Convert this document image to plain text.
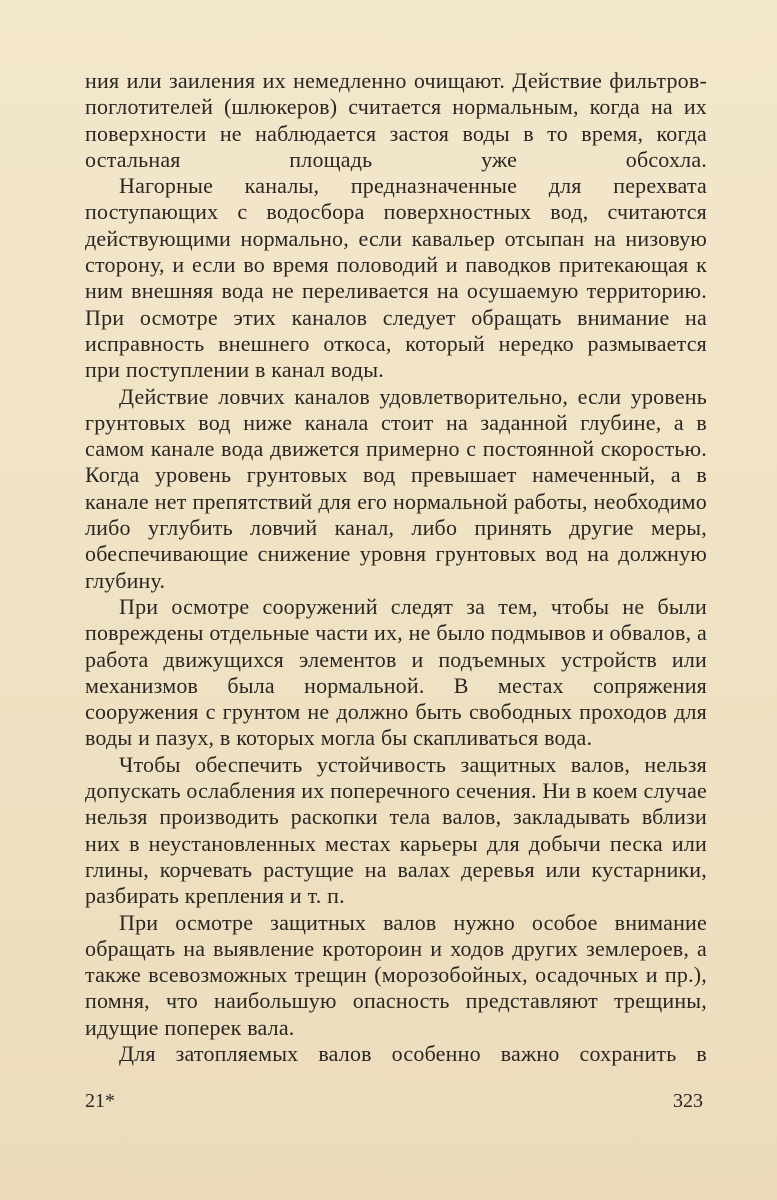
ния или заиления их немедленно очищают. Действие фильтров-поглотителей (шлюкеров) считается нормальным, когда на их поверхности не наблюдается застоя воды в то время, когда остальная площадь уже обсохла.

Нагорные каналы, предназначенные для перехвата поступающих с водосбора поверхностных вод, считаются действующими нормально, если кавальер отсыпан на низовую сторону, и если во время половодий и паводков притекающая к ним внешняя вода не переливается на осушаемую территорию. При осмотре этих каналов следует обращать внимание на исправность внешнего откоса, который нередко размывается при поступлении в канал воды.

Действие ловчих каналов удовлетворительно, если уровень грунтовых вод ниже канала стоит на заданной глубине, а в самом канале вода движется примерно с постоянной скоростью. Когда уровень грунтовых вод превышает намеченный, а в канале нет препятствий для его нормальной работы, необходимо либо углубить ловчий канал, либо принять другие меры, обеспечивающие снижение уровня грунтовых вод на должную глубину.

При осмотре сооружений следят за тем, чтобы не были повреждены отдельные части их, не было подмывов и обвалов, а работа движущихся элементов и подъемных устройств или механизмов была нормальной. В местах сопряжения сооружения с грунтом не должно быть свободных проходов для воды и пазух, в которых могла бы скапливаться вода.

Чтобы обеспечить устойчивость защитных валов, нельзя допускать ослабления их поперечного сечения. Ни в коем случае нельзя производить раскопки тела валов, закладывать вблизи них в неустановленных местах карьеры для добычи песка или глины, корчевать растущие на валах деревья или кустарники, разбирать крепления и т. п.

При осмотре защитных валов нужно особое внимание обращать на выявление кротороин и ходов других землероев, а также всевозможных трещин (морозобойных, осадочных и пр.), помня, что наибольшую опасность представляют трещины, идущие поперек вала.

Для затопляемых валов особенно важно сохранить в

21*	323
